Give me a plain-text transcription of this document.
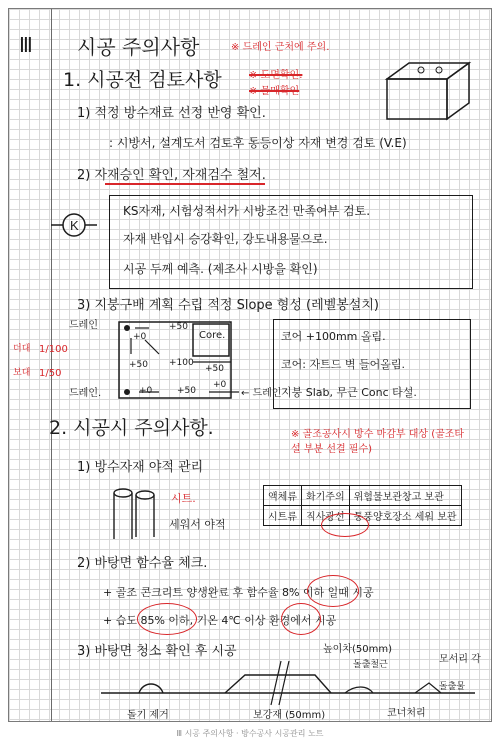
Ⅲ 시공 주의사항	※ 드레인 근처에 주의.
1. 시공전 검토사항	※ 도면확인.
※ 물매확인
1) 적정 방수재료 선정 반영 확인.
: 시방서, 설계도서 검토후 동등이상 자재 변경 검토 (V.E)
2) 자재승인 확인, 자재검수 철저.
K
KS자재, 시험성적서가 시방조건 만족여부 검토.
자재 반입시 승강확인, 강도내용물으로.
시공 두께 예측. (제조사 시방을 확인)
3) 지붕구배 계획 수립 적정 Slope 형성 (레벨봉설치)
드레인
드레인.	← 드레인
Core.
더대 1/100
보대 1/50
+50
+0
+50 +100
+50
+0	+50
+0
코어 +100mm 올림.
코어: 자트드 벽 들어올림.
지붕 Slab, 무근 Conc 타설.
2. 시공시 주의사항.	※ 골조공사시 방수 마감부 대상 (골조타설 부분 선결 필수)
1) 방수자재 야적 관리
시트.
세워서 야적
액체류	화기주의	위험물보관창고 보관
시트류	직사광선	통풍양호장소 세워 보관
2) 바탕면 함수율 체크.
+ 골조 콘크리트 양생완료 후 함수율 8% 이하 일때 시공
+ 습도 85% 이하, 기온 4℃ 이상 환경에서 시공
3) 바탕면 청소 확인 후 시공
돌기 제거	보강재 (50mm)
높이차(50mm)
돌출철근
코너처리
모서리 각
돌출물
Ⅲ 시공 주의사항 · 방수공사 시공관리 노트
